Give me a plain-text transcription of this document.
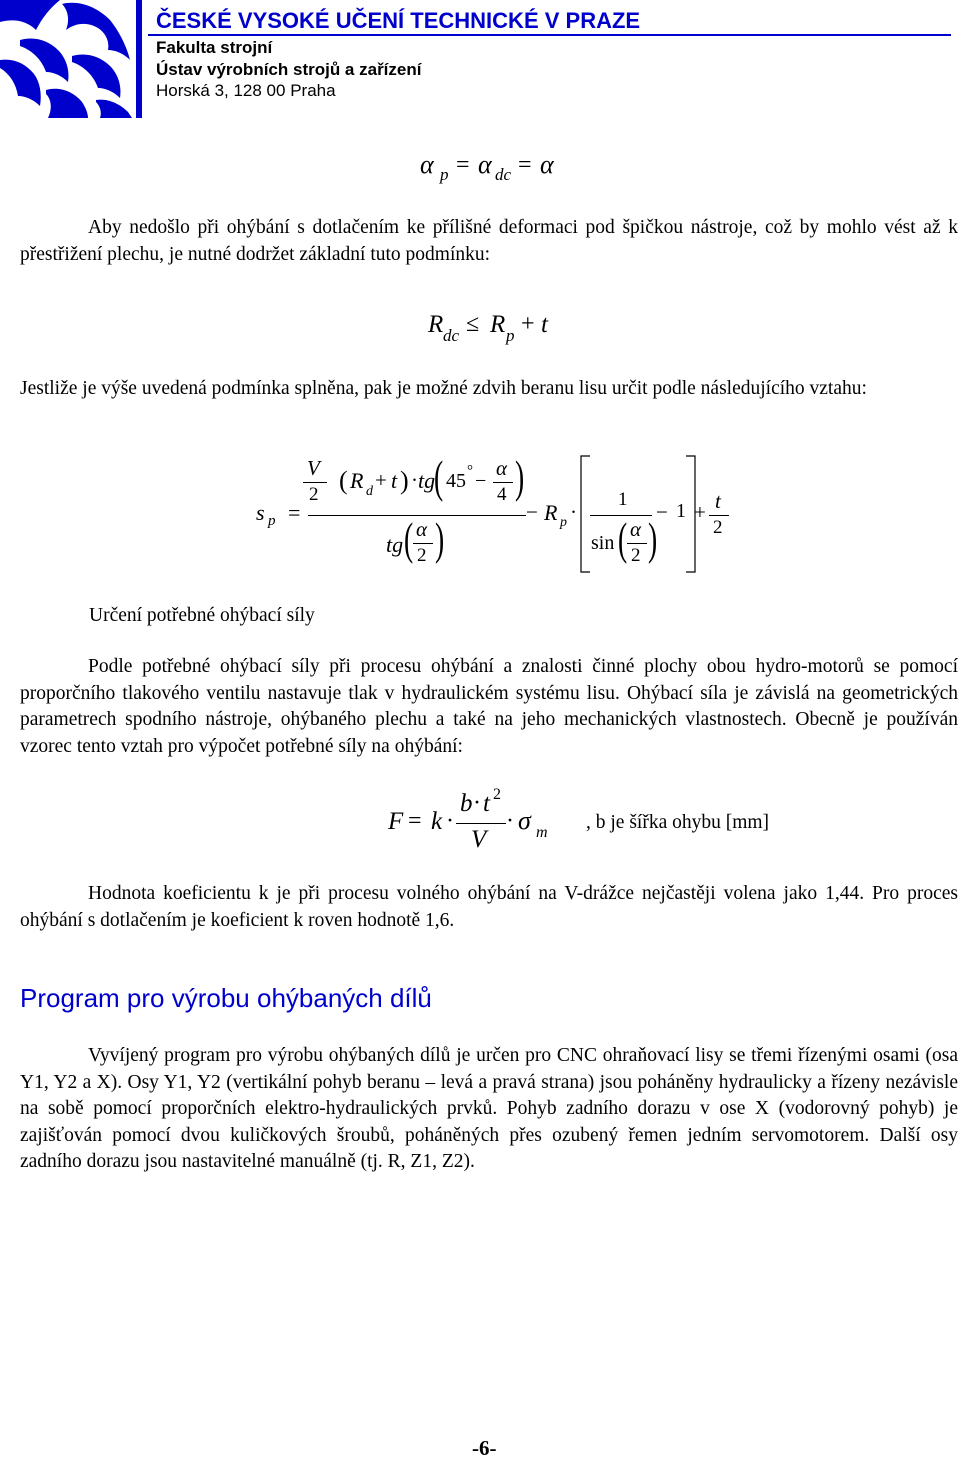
ČESKÉ VYSOKÉ UČENÍ TECHNICKÉ V PRAZE
Fakulta strojní
Ústav výrobních strojů a zařízení
Horská 3, 128 00 Praha
α p = α dc = α
Aby nedošlo při ohýbání s dotlačením ke přílišné deformaci pod špičkou nástroje, což by mohlo vést až k přestřižení plechu, je nutné dodržet základní tuto podmínku:
R dc ≤ R p + t
Jestliže je výše uvedená podmínka splněna, pak je možné zdvih beranu lisu určit podle následujícího vztahu:
s p =
V
2 ( R d + t ) · tg
( 45 ° −
α
4 )
tg ( α
2 )
− R p ·
1
sin ( α
2 )
− 1 + t
2
Určení potřebné ohýbací síly
Podle potřebné ohýbací síly při procesu ohýbání a znalosti činné plochy obou hydro-motorů se pomocí proporčního tlakového ventilu nastavuje tlak v hydraulickém systému lisu. Ohýbací síla je závislá na geometrických parametrech spodního nástroje, ohýbaného plechu a také na jeho mechanických vlastnostech. Obecně je používán vzorec tento vztah pro výpočet potřebné síly na ohýbání:
F = k ·
b · t 2
V
· σ m , b je šířka ohybu [mm]
Hodnota koeficientu k je při procesu volného ohýbání na V-drážce nejčastěji volena jako 1,44. Pro proces ohýbání s dotlačením je koeficient k roven hodnotě 1,6.
Program pro výrobu ohýbaných dílů
Vyvíjený program pro výrobu ohýbaných dílů je určen pro CNC ohraňovací lisy se třemi řízenými osami (osa Y1, Y2 a X). Osy Y1, Y2 (vertikální pohyb beranu – levá a pravá strana) jsou poháněny hydraulicky a řízeny nezávisle na sobě pomocí proporčních elektro-hydraulických prvků. Pohyb zadního dorazu v ose X (vodorovný pohyb) je zajišťován pomocí dvou kuličkových šroubů, poháněných přes ozubený řemen jedním servomotorem. Další osy zadního dorazu jsou nastavitelné manuálně (tj. R, Z1, Z2).
-6-
